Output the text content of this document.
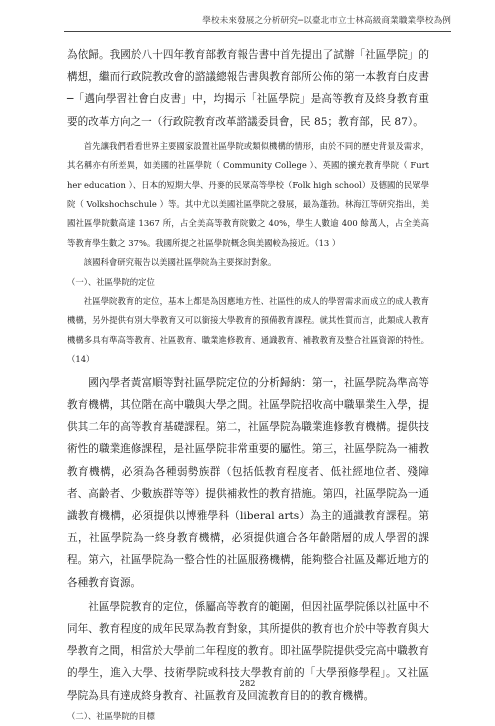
學校未來發展之分析研究─以臺北市立士林高級商業職業學校為例

為依歸。我國於八十四年教育部教育報告書中首先提出了試辦「社區學院」的構想，繼而行政院教改會的諮議總報告書與教育部所公佈的第一本教育白皮書─「邁向學習社會白皮書」中，均揭示「社區學院」是高等教育及終身教育重要的改革方向之一（行政院教育改革諮議委員會，民 85；教育部，民 87）。

首先讓我們看看世界主要國家設置社區學院或類似機構的情形，由於不同的歷史背景及需求，其名稱亦有所差異，如美國的社區學院（ Community College ）、英國的擴充教育學院（ Further education ）、日本的短期大學、丹麥的民眾高等學校（Folk high school）及德國的民眾學院（ Volkshochschule ）等。其中尤以美國社區學院之發展，最為蓬勃。林海江等研究指出，美國社區學院數高達 1367 所，占全美高等教育院數之 40%，學生人數逾 400 餘萬人，占全美高等教育學生數之 37%。我國所提之社區學院概念與美國較為接近。（13 ）

該國科會研究報告以美國社區學院為主要探討對象。

（一）、社區學院的定位

社區學院教育的定位，基本上都是為因應地方性、社區性的成人的學習需求而成立的成人教育機構，另外提供有別大學教育又可以銜接大學教育的預備教育課程。就其性質而言，此類成人教育機構多具有準高等教育、社區教育、職業進修教育、通識教育、補教教育及整合社區資源的特性。（14）

國內學者黃富順等對社區學院定位的分析歸納：第一，社區學院為準高等教育機構，其位階在高中職與大學之間。社區學院招收高中職畢業生入學，提供其二年的高等教育基礎課程。第二，社區學院為職業進修教育機構。提供技術性的職業進修課程，是社區學院非常重要的屬性。第三，社區學院為一補教教育機構，必須為各種弱勢族群（包括低教育程度者、低社經地位者、殘障者、高齡者、少數族群等等）提供補救性的教育措施。第四，社區學院為一通識教育機構，必須提供以博雅學科（liberal arts）為主的通識教育課程。第五，社區學院為一終身教育機構，必須提供適合各年齡階層的成人學習的課程。第六，社區學院為一整合性的社區服務機構，能夠整合社區及鄰近地方的各種教育資源。

社區學院教育的定位，係屬高等教育的範圍，但因社區學院係以社區中不同年、教育程度的成年民眾為教育對象，其所提供的教育也介於中等教育與大學教育之間，相當於大學前二年程度的教育。即社區學院提供受完高中職教育的學生，進入大學、技術學院或科技大學教育前的「大學預修學程」。又社區學院為具有達成終身教育、社區教育及回流教育目的的教育機構。

（二）、社區學院的目標

282
